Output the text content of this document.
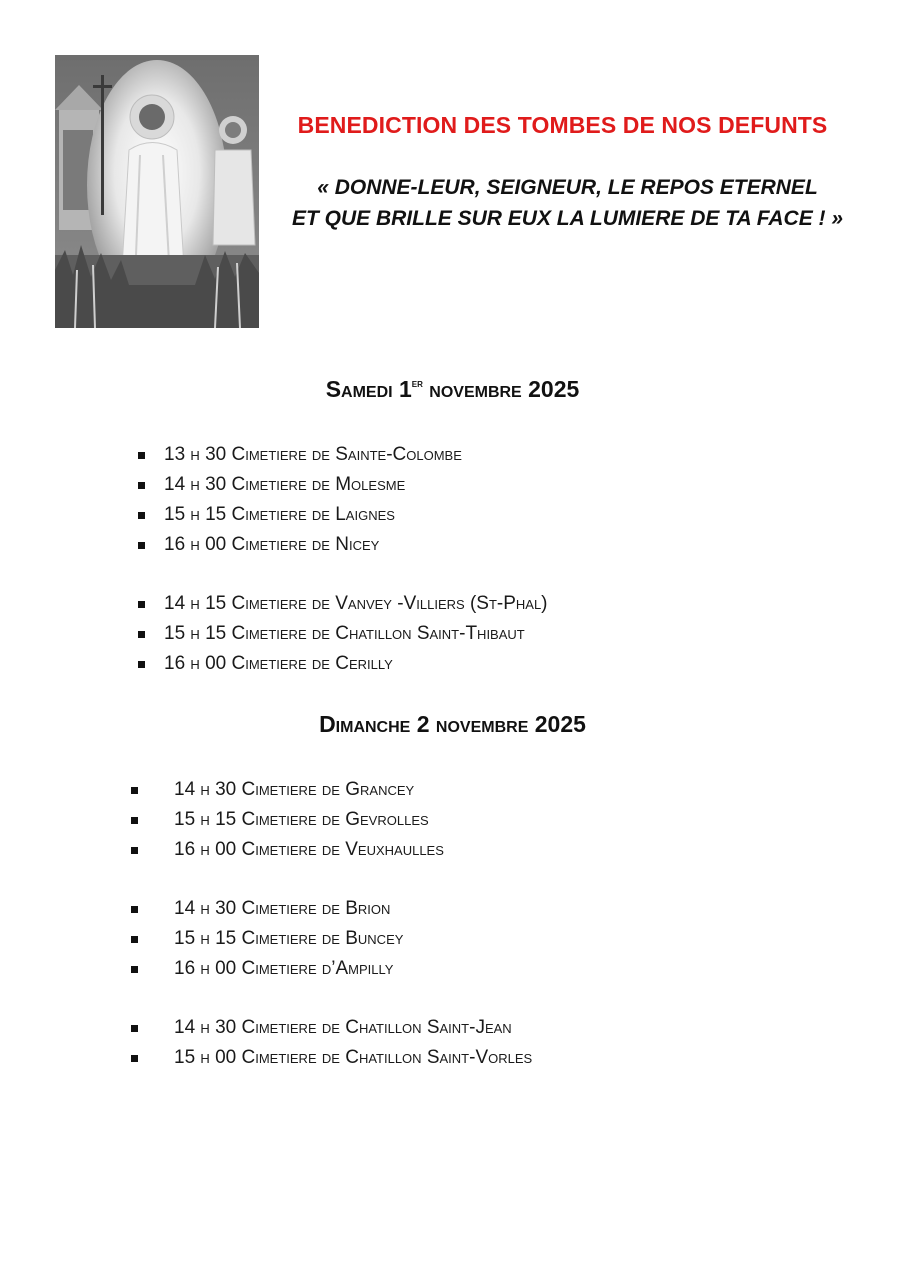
BENEDICTION DES TOMBES DE NOS DEFUNTS
« DONNE-LEUR, SEIGNEUR, LE REPOS ETERNEL
ET QUE BRILLE SUR EUX LA LUMIERE DE TA FACE ! »
Samedi 1er novembre 2025
13 h 30 Cimetiere de Sainte-Colombe
14 h 30 Cimetiere de Molesme
15 h 15 Cimetiere de Laignes
16 h 00 Cimetiere de Nicey
14 h 15 Cimetiere de Vanvey -Villiers (St-Phal)
15 h 15 Cimetiere de Chatillon Saint-Thibaut
16 h 00 Cimetiere de Cerilly
Dimanche 2 novembre 2025
14 h 30 Cimetiere de Grancey
15 h 15 Cimetiere de Gevrolles
16 h 00 Cimetiere de Veuxhaulles
14 h 30 Cimetiere de Brion
15 h 15 Cimetiere de Buncey
16 h 00 Cimetiere d’Ampilly
14 h 30 Cimetiere de Chatillon Saint-Jean
15 h 00 Cimetiere de Chatillon Saint-Vorles
